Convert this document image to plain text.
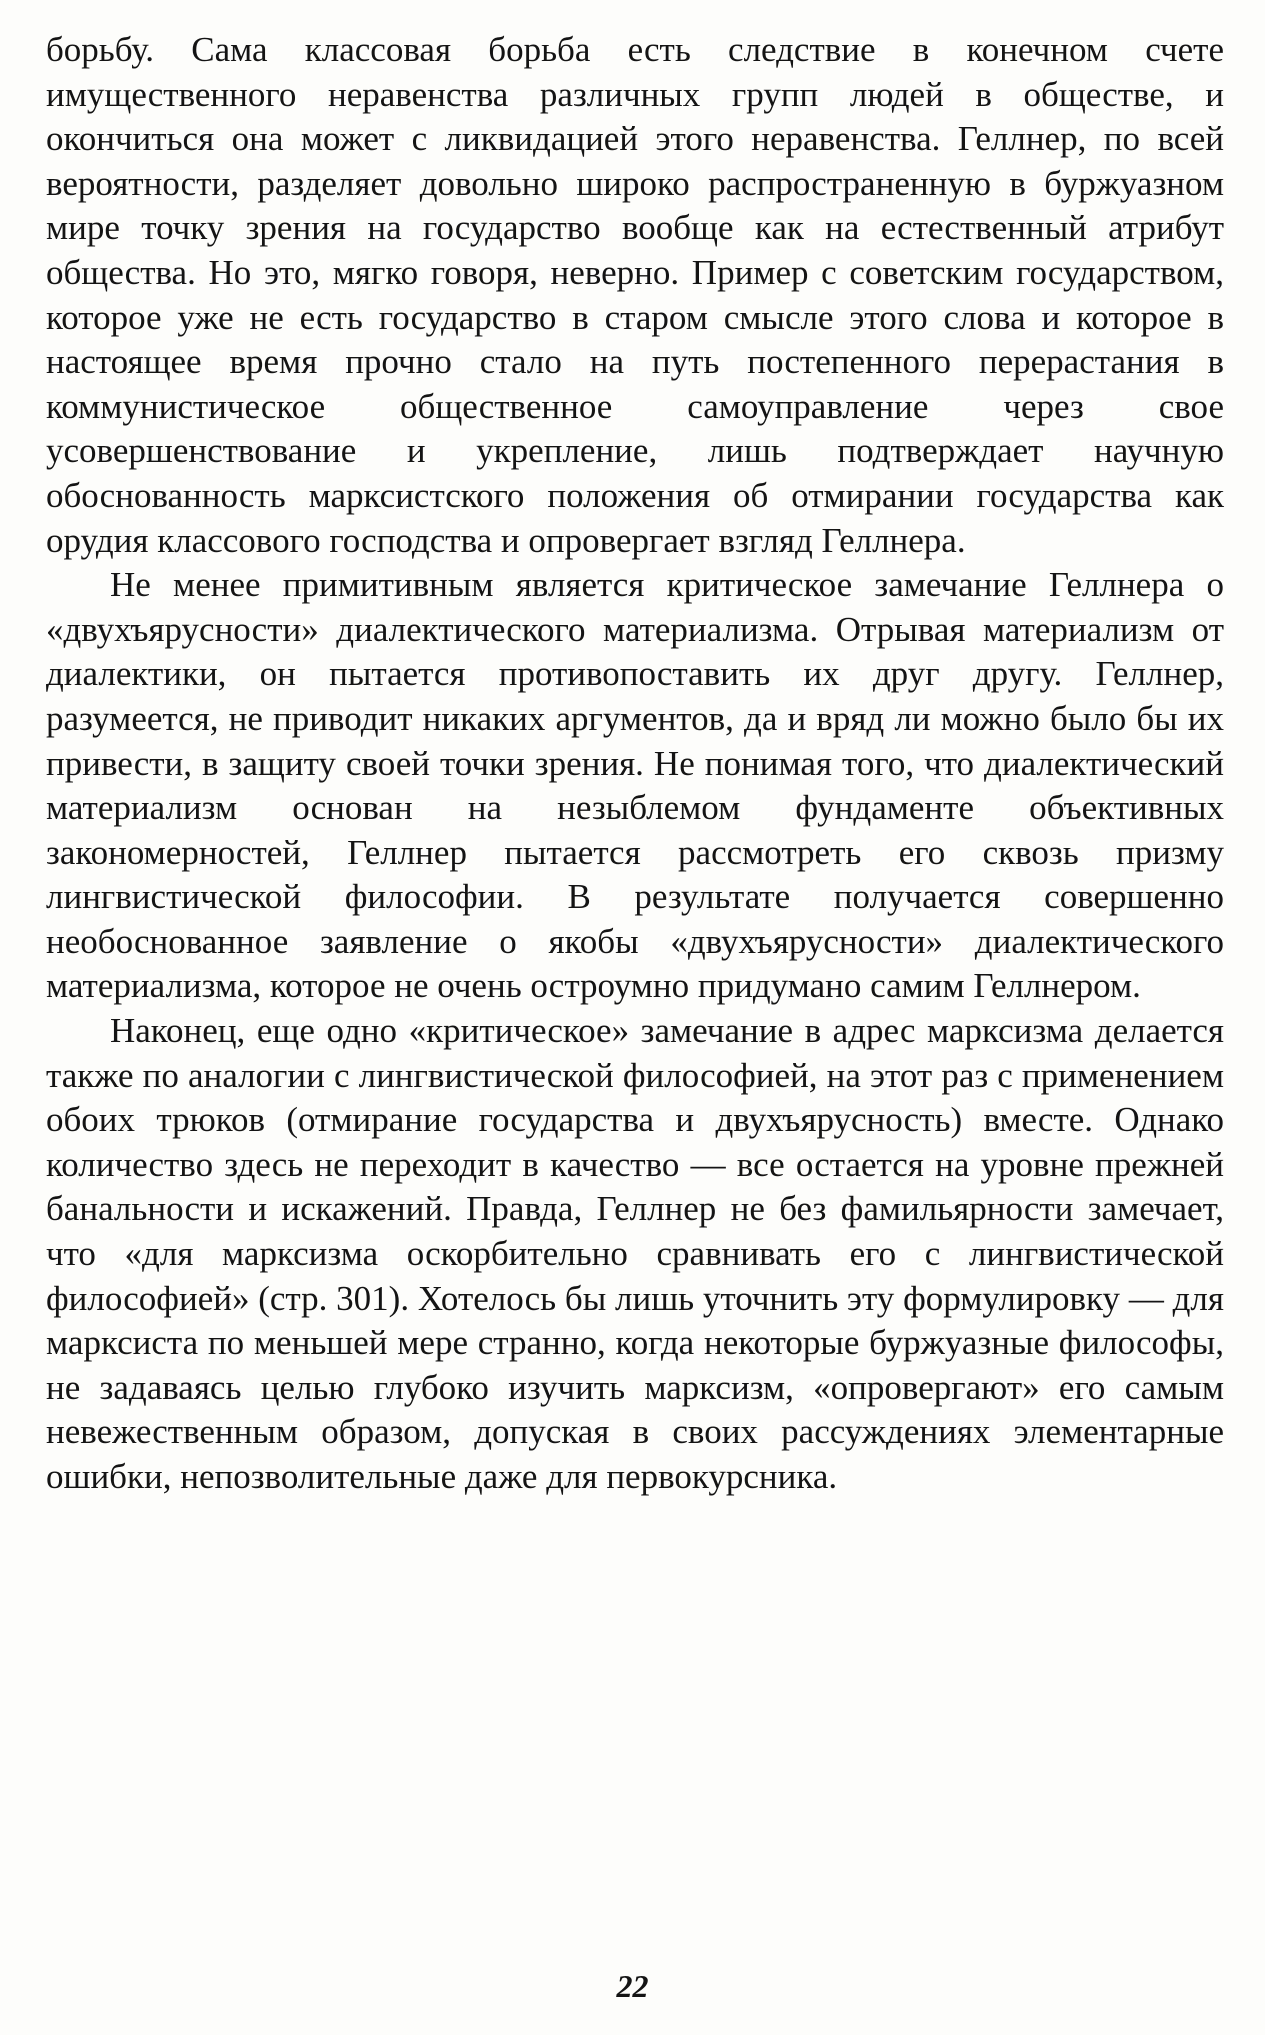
борьбу. Сама классовая борьба есть следствие в конечном счете имущественного неравенства различных групп людей в обществе, и окончиться она может с ликвидацией этого неравенства. Геллнер, по всей вероятности, разделяет довольно широко распространенную в буржуазном мире точку зрения на государство вообще как на естественный атрибут общества. Но это, мягко говоря, неверно. Пример с советским государством, которое уже не есть государство в старом смысле этого слова и которое в настоящее время прочно стало на путь постепенного перерастания в коммунистическое общественное самоуправление через свое усовершенствование и укрепление, лишь подтверждает научную обоснованность марксистского положения об отмирании государства как орудия классового господства и опровергает взгляд Геллнера.

Не менее примитивным является критическое замечание Геллнера о «двухъярусности» диалектического материализма. Отрывая материализм от диалектики, он пытается противопоставить их друг другу. Геллнер, разумеется, не приводит никаких аргументов, да и вряд ли можно было бы их привести, в защиту своей точки зрения. Не понимая того, что диалектический материализм основан на незыблемом фундаменте объективных закономерностей, Геллнер пытается рассмотреть его сквозь призму лингвистической философии. В результате получается совершенно необоснованное заявление о якобы «двухъярусности» диалектического материализма, которое не очень остроумно придумано самим Геллнером.

Наконец, еще одно «критическое» замечание в адрес марксизма делается также по аналогии с лингвистической философией, на этот раз с применением обоих трюков (отмирание государства и двухъярусность) вместе. Однако количество здесь не переходит в качество — все остается на уровне прежней банальности и искажений. Правда, Геллнер не без фамильярности замечает, что «для марксизма оскорбительно сравнивать его с лингвистической философией» (стр. 301). Хотелось бы лишь уточнить эту формулировку — для марксиста по меньшей мере странно, когда некоторые буржуазные философы, не задаваясь целью глубоко изучить марксизм, «опровергают» его самым невежественным образом, допуская в своих рассуждениях элементарные ошибки, непозволительные даже для первокурсника.

22
